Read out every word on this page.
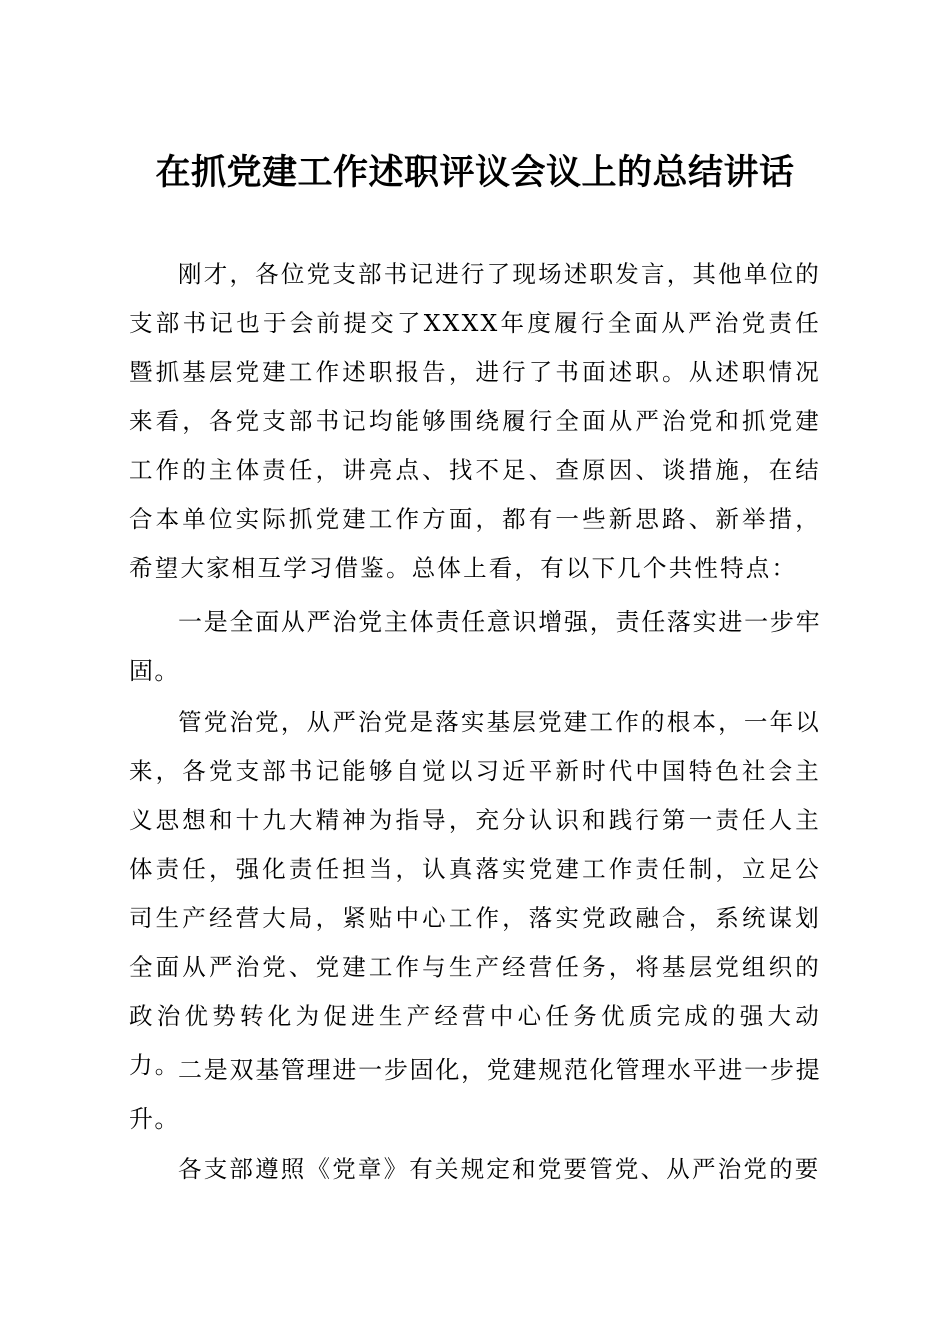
在抓党建工作述职评议会议上的总结讲话

刚才，各位党支部书记进行了现场述职发言，其他单位的支部书记也于会前提交了XXXX年度履行全面从严治党责任暨抓基层党建工作述职报告，进行了书面述职。从述职情况来看，各党支部书记均能够围绕履行全面从严治党和抓党建工作的主体责任，讲亮点、找不足、查原因、谈措施，在结合本单位实际抓党建工作方面，都有一些新思路、新举措，希望大家相互学习借鉴。总体上看，有以下几个共性特点：

一是全面从严治党主体责任意识增强，责任落实进一步牢固。

管党治党，从严治党是落实基层党建工作的根本，一年以来，各党支部书记能够自觉以习近平新时代中国特色社会主义思想和十九大精神为指导，充分认识和践行第一责任人主体责任，强化责任担当，认真落实党建工作责任制，立足公司生产经营大局，紧贴中心工作，落实党政融合，系统谋划全面从严治党、党建工作与生产经营任务，将基层党组织的政治优势转化为促进生产经营中心任务优质完成的强大动力。

二是双基管理进一步固化，党建规范化管理水平进一步提升。

各支部遵照《党章》有关规定和党要管党、从严治党的要
